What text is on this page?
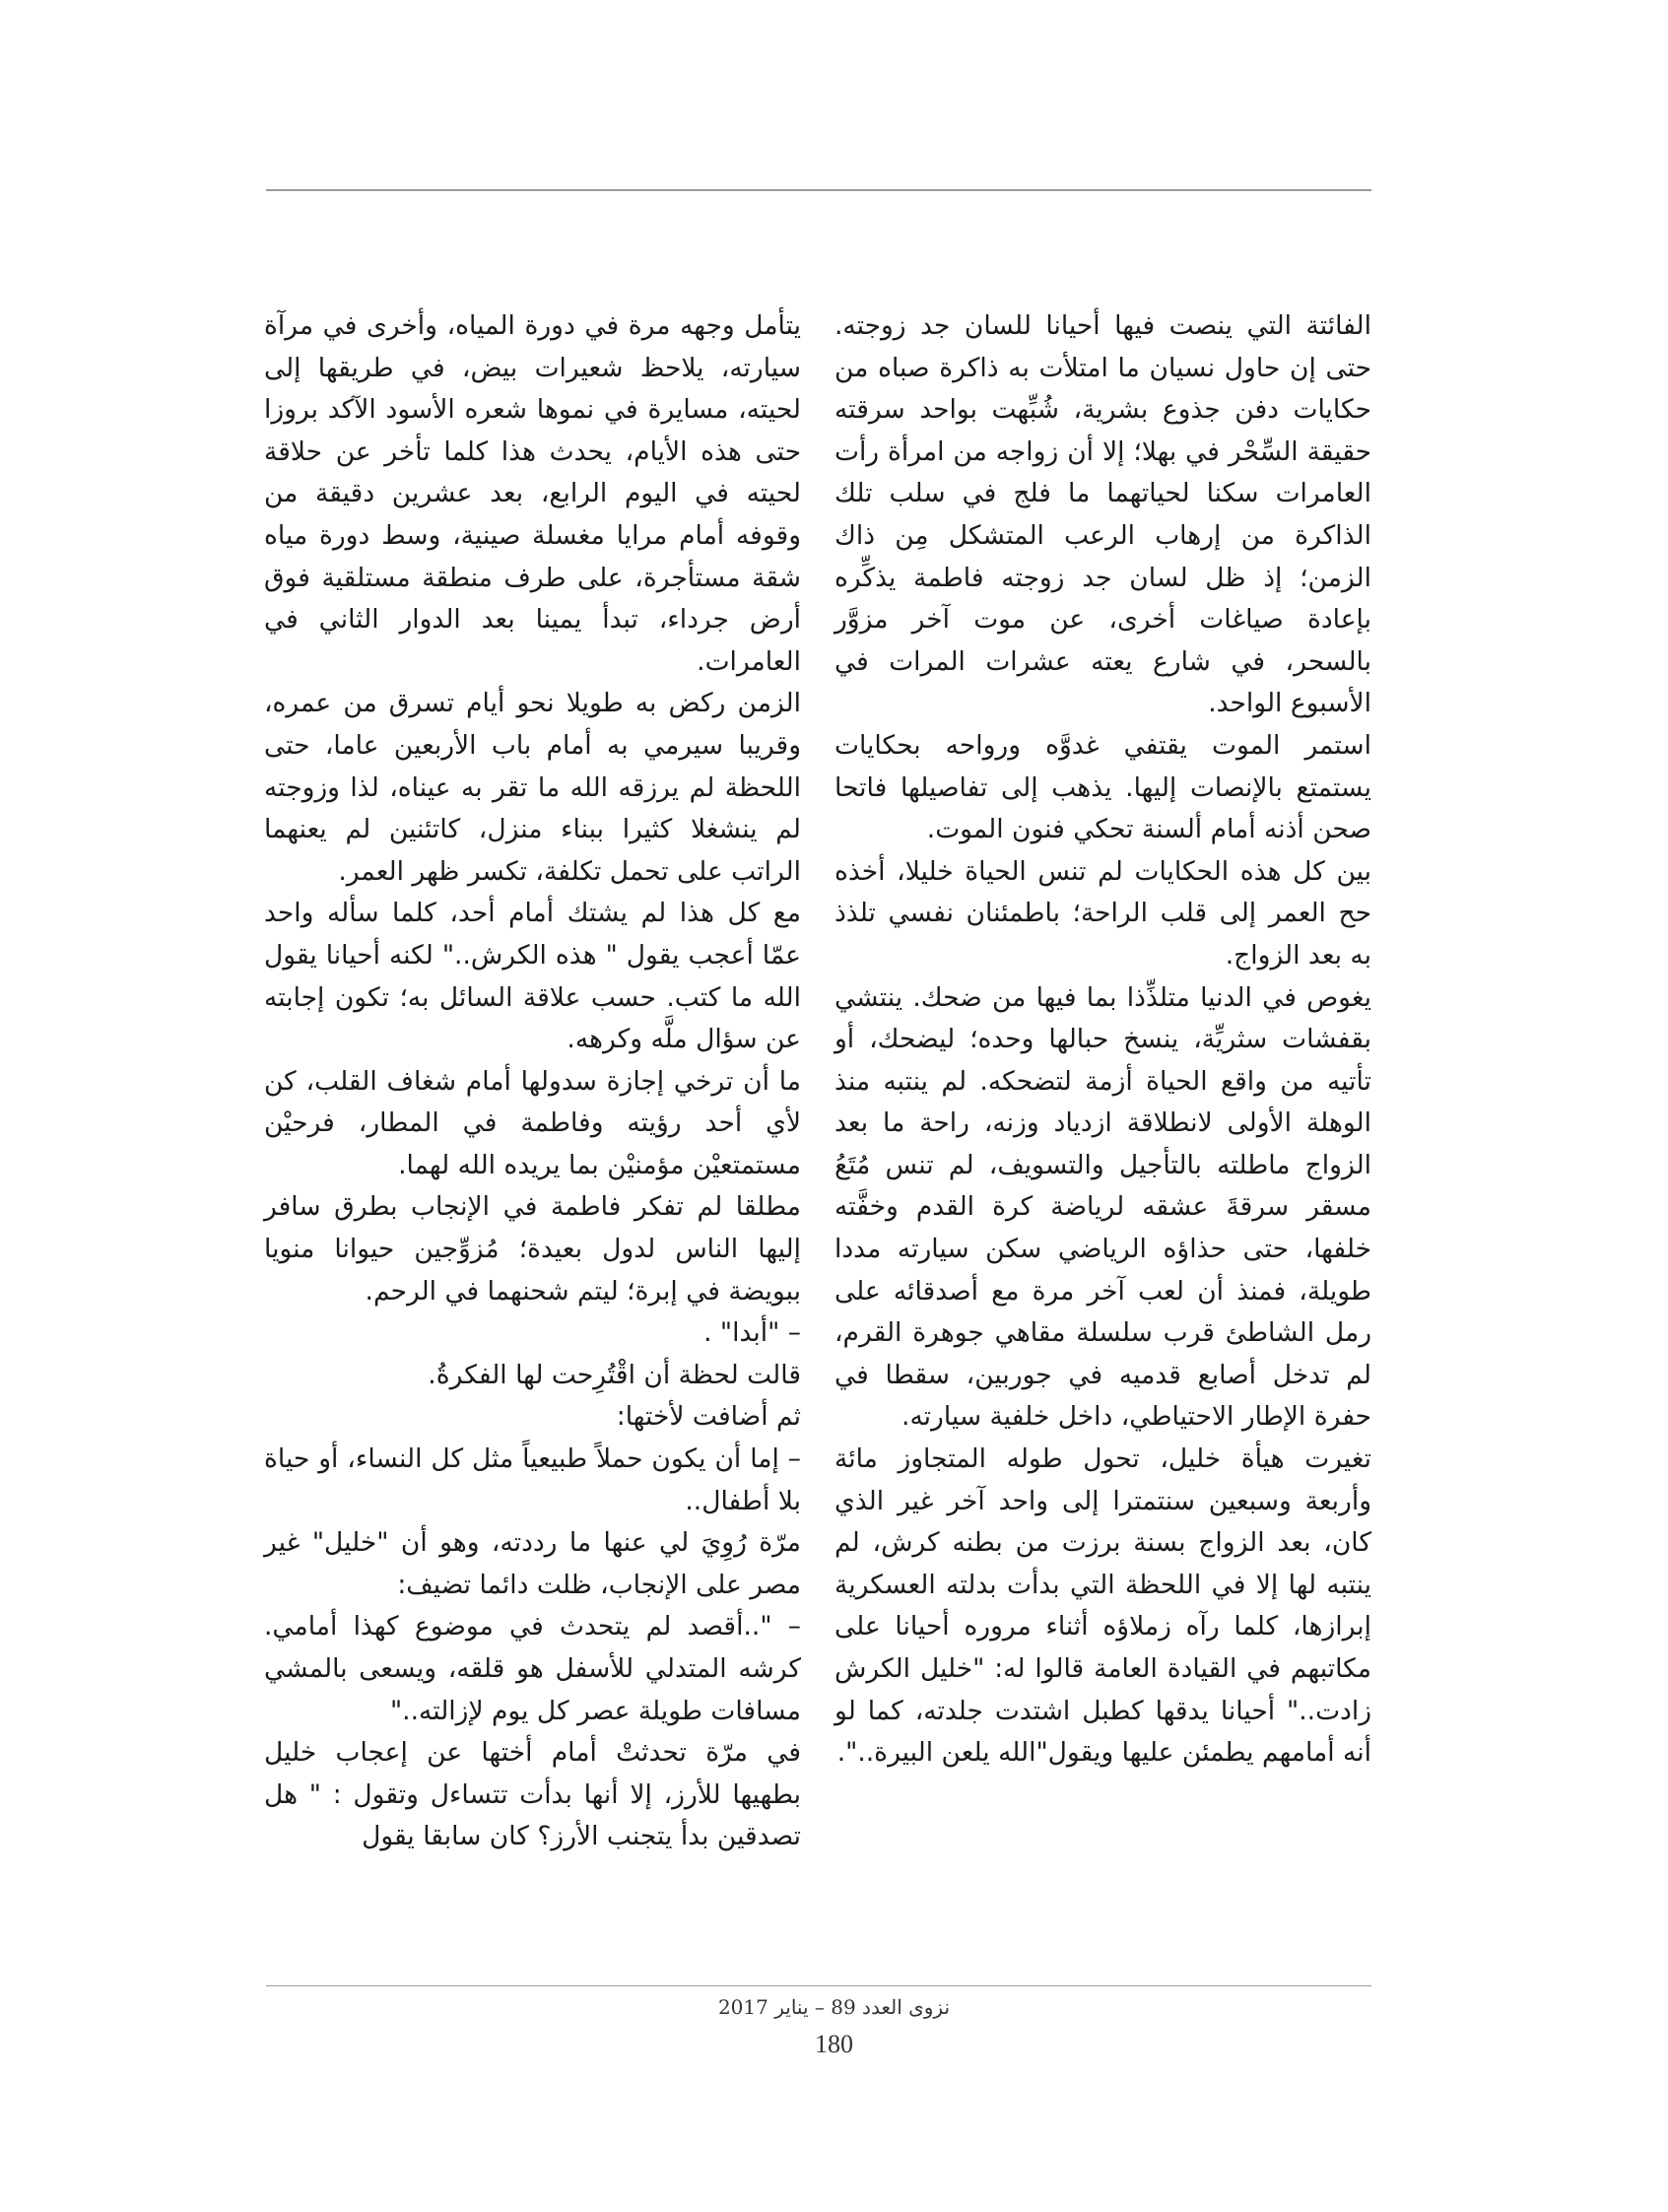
الفائتة التي ينصت فيها أحيانا للسان جد زوجته. حتى إن حاول نسيان ما امتلأت به ذاكرة صباه من حكايات دفن جذوع بشرية، شُبِّهت بواحد سرقته حقيقة السِّحْر في بهلا؛ إلا أن زواجه من امرأة رأت العامرات سكنا لحياتهما ما فلج في سلب تلك الذاكرة من إرهاب الرعب المتشكل مِن ذاك الزمن؛ إذ ظل لسان جد زوجته فاطمة يذكِّره بإعادة صياغات أخرى، عن موت آخر مزوَّر بالسحر، في شارع يعته عشرات المرات في الأسبوع الواحد.

استمر الموت يقتفي غدوَّه ورواحه بحكايات يستمتع بالإنصات إليها. يذهب إلى تفاصيلها فاتحا صحن أذنه أمام ألسنة تحكي فنون الموت.

بين كل هذه الحكايات لم تنس الحياة خليلا، أخذه حح العمر إلى قلب الراحة؛ باطمئنان نفسي تلذذ به بعد الزواج.

يغوص في الدنيا متلذِّذا بما فيها من ضحك. ينتشي بقفشات سثريِّة، ينسخ حبالها وحده؛ ليضحك، أو تأتيه من واقع الحياة أزمة لتضحكه. لم ينتبه منذ الوهلة الأولى لانطلاقة ازدياد وزنه، راحة ما بعد الزواج ماطلته بالتأجيل والتسويف، لم تنس مُتَعُ مسقر سرقةَ عشقه لرياضة كرة القدم وخفَّته خلفها، حتى حذاؤه الرياضي سكن سيارته مددا طويلة، فمنذ أن لعب آخر مرة مع أصدقائه على رمل الشاطئ قرب سلسلة مقاهي جوهرة القرم، لم تدخل أصابع قدميه في جوربين، سقطا في حفرة الإطار الاحتياطي، داخل خلفية سيارته.

تغيرت هيأة خليل، تحول طوله المتجاوز مائة وأربعة وسبعين سنتمترا إلى واحد آخر غير الذي كان، بعد الزواج بسنة برزت من بطنه كرش، لم ينتبه لها إلا في اللحظة التي بدأت بدلته العسكرية إبرازها، كلما رآه زملاؤه أثناء مروره أحيانا على مكاتبهم في القيادة العامة قالوا له: "خليل الكرش زادت.." أحيانا يدقها كطبل اشتدت جلدته، كما لو أنه أمامهم يطمئن عليها ويقول"الله يلعن البيرة..".

يتأمل وجهه مرة في دورة المياه، وأخرى في مرآة سيارته، يلاحظ شعيرات بيض، في طريقها إلى لحيته، مسايرة في نموها شعره الأسود الآكد بروزا حتى هذه الأيام، يحدث هذا كلما تأخر عن حلاقة لحيته في اليوم الرابع، بعد عشرين دقيقة من وقوفه أمام مرايا مغسلة صينية، وسط دورة مياه شقة مستأجرة، على طرف منطقة مستلقية فوق أرض جرداء، تبدأ يمينا بعد الدوار الثاني في العامرات.

الزمن ركض به طويلا نحو أيام تسرق من عمره، وقريبا سيرمي به أمام باب الأربعين عاما، حتى اللحظة لم يرزقه الله ما تقر به عيناه، لذا وزوجته لم ينشغلا كثيرا ببناء منزل، كاتئنين لم يعنهما الراتب على تحمل تكلفة، تكسر ظهر العمر.

مع كل هذا لم يشتك أمام أحد، كلما سأله واحد عمّا أعجب يقول " هذه الكرش.." لكنه أحيانا يقول الله ما كتب. حسب علاقة السائل به؛ تكون إجابته عن سؤال ملَّه وكرهه.

ما أن ترخي إجازة سدولها أمام شغاف القلب، كن لأي أحد رؤيته وفاطمة في المطار، فرحيْن مستمتعيْن مؤمنيْن بما يريده الله لهما.

مطلقا لم تفكر فاطمة في الإنجاب بطرق سافر إليها الناس لدول بعيدة؛ مُزوِّجين حيوانا منويا ببويضة في إبرة؛ ليتم شحنهما في الرحم.

– "أبدا" .

قالت لحظة أن اقْتُرِحت لها الفكرةُ.

ثم أضافت لأختها:

– إما أن يكون حملاً طبيعياً مثل كل النساء، أو حياة بلا أطفال..

مرّة رُوِيَ لي عنها ما رددته، وهو أن "خليل" غير مصر على الإنجاب، ظلت دائما تضيف:

– "..أقصد لم يتحدث في موضوع كهذا أمامي. كرشه المتدلي للأسفل هو قلقه، ويسعى بالمشي مسافات طويلة عصر كل يوم لإزالته.."

في مرّة تحدثتْ أمام أختها عن إعجاب خليل بطهيها للأرز، إلا أنها بدأت تتساءل وتقول : " هل تصدقين بدأ يتجنب الأرز؟ كان سابقا يقول

نزوى العدد 89 – يناير 2017
180
